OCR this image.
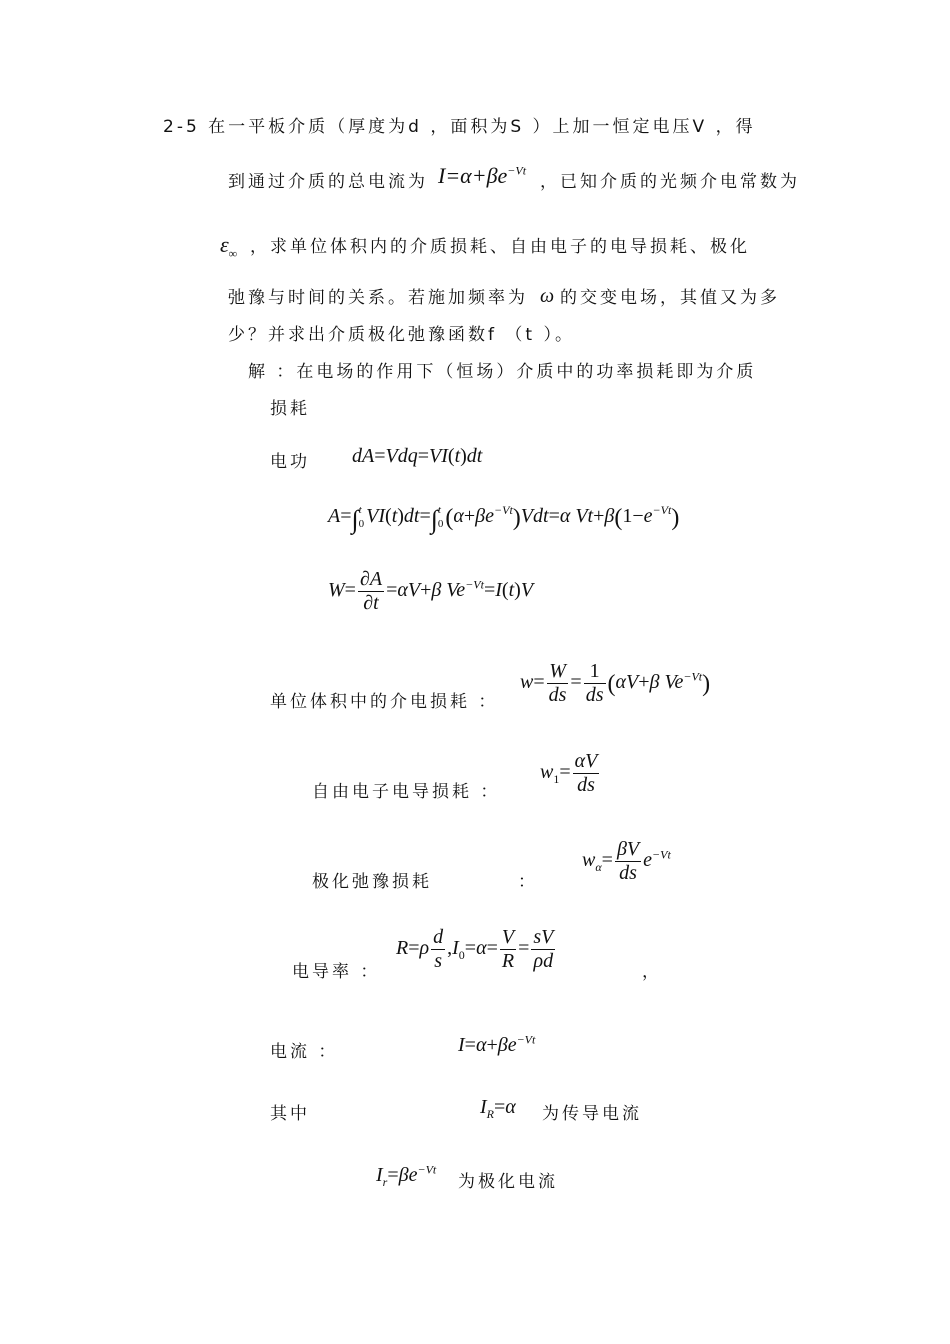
2-5 在一平板介质（厚度为d ，面积为S ）上加一恒定电压V ，得
到通过介质的总电流为 $I=\alpha+\beta e^{-Vt}$
，已知介质的光频介电常数为
$\varepsilon_\infty$ ，求单位体积内的介质损耗、自由电子的电导损耗、极化
弛豫与时间的关系。若施加频率为 ω 的交变电场，其值又为多
少？并求出介质极化弛豫函数f （t ）。
解 ：在电场的作用下（恒场）介质中的功率损耗即为介质
损耗
电功 dA=Vdq=VI(t)dt
A=∫ t
0 VI(t)dt=∫ t
0 $(\alpha+\beta e^{-Vt})Vdt=\alpha$ $Vt+\beta(1-e^{-Vt})$
$W= \frac{\partial A}{\partial t} =\alpha V+\beta$ $Ve^{-Vt}=I(t)V$
单位体积中的介电损耗 ：
$w= \frac{W}{ds} = \frac{1}{ds} (\alpha V+\beta$ $Ve^{-Vt}$)
自由电子电导损耗 ：
$w_1= \frac{\alpha V}{ds}$
极化弛豫损耗	：
$w_\alpha= \frac{\beta V}{ds} e^{-Vt}$
电导率 ：
$R=\rho \frac{d}{s} ,I_0=\alpha= \frac{V}{R} = \frac{sV}{\rho d}$	，
电流 ：	$I=\alpha+\beta e^{-Vt}$
其中	$I_R=\alpha$ 为传导电流
$I_r=\beta e^{-Vt}$
为极化电流
